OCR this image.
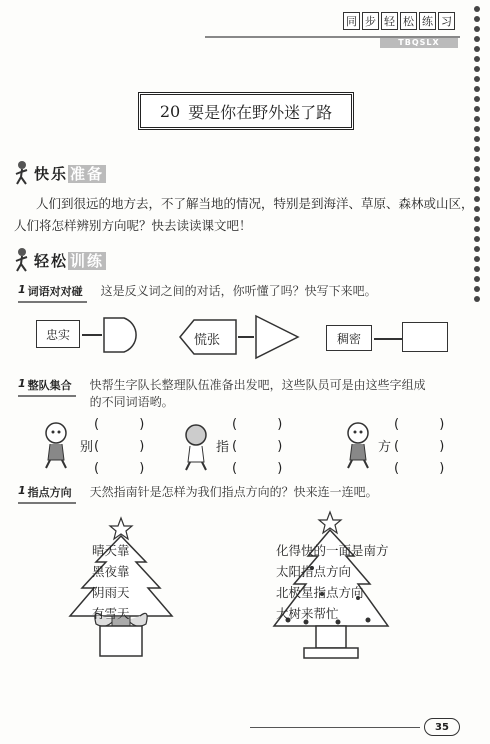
同 步 轻 松 练 习
TBQSLX
20 要是你在野外迷了路
快乐 准备
人们到很远的地方去，不了解当地的情况，特别是到海洋、草原、森林或山区，人们将怎样辨别方向呢？快去读读课文吧！
轻松 训练
1 词语对对碰 这是反义词之间的对话，你听懂了吗？快写下来吧。
忠实	慌张	稠密
1 整队集合 快帮生字队长整理队伍准备出发吧，这些队员可是由这些字组成
的不同词语哟。
别
( )
( )
( )
指
( )
( )
( )
方
( )
( )
( )
1 指点方向 天然指南针是怎样为我们指点方向的？快来连一连吧。
晴天靠
黑夜靠
阴雨天
有雪天
化得快的一面是南方
太阳指点方向
北极星指点方向
大树来帮忙
35
